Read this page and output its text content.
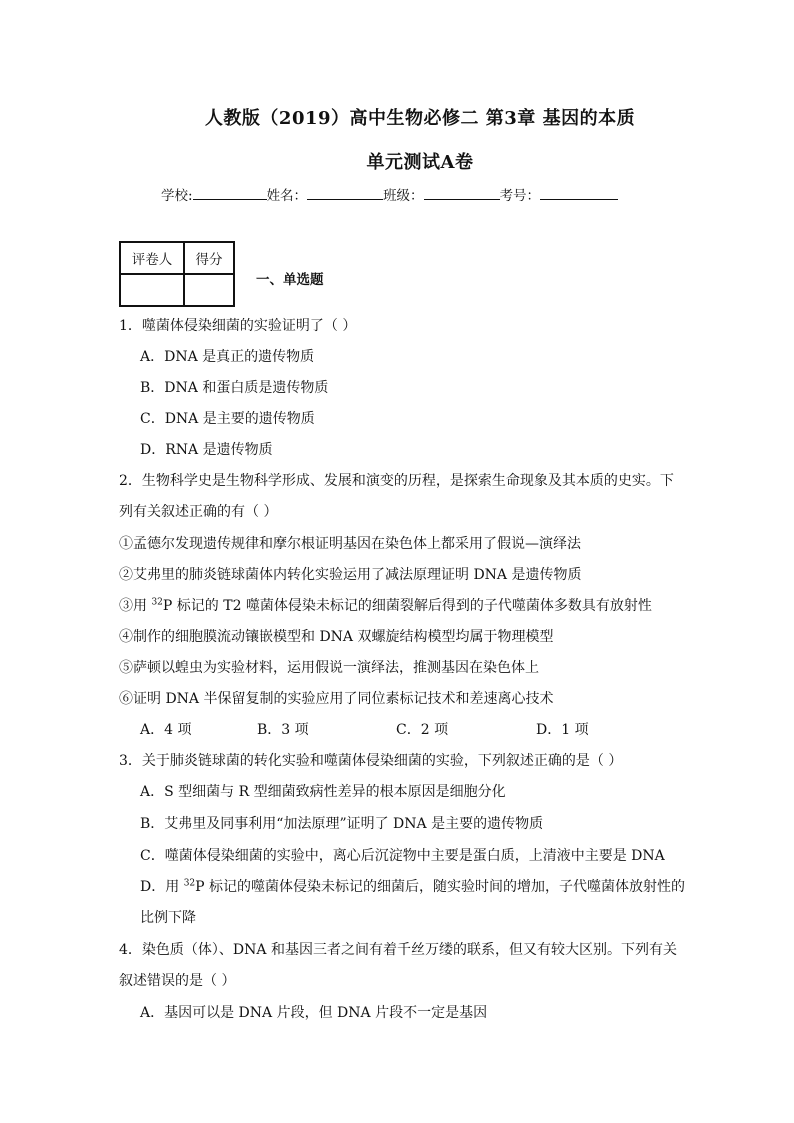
人教版（2019）高中生物必修二 第3章 基因的本质
单元测试A卷
学校:	姓名：	班级：	考号：
评卷人	得分

一、单选题
1．噬菌体侵染细菌的实验证明了（ ）
A．DNA 是真正的遗传物质
B．DNA 和蛋白质是遗传物质
C．DNA 是主要的遗传物质
D．RNA 是遗传物质
2．生物科学史是生物科学形成、发展和演变的历程，是探索生命现象及其本质的史实。下
列有关叙述正确的有（ ）
①孟德尔发现遗传规律和摩尔根证明基因在染色体上都采用了假说—演绎法
②艾弗里的肺炎链球菌体内转化实验运用了减法原理证明 DNA 是遗传物质
③用 $^{32}$P 标记的 T2 噬菌体侵染未标记的细菌裂解后得到的子代噬菌体多数具有放射性
④制作的细胞膜流动镶嵌模型和 DNA 双螺旋结构模型均属于物理模型
⑤萨顿以蝗虫为实验材料，运用假说一演绎法，推测基因在染色体上
⑥证明 DNA 半保留复制的实验应用了同位素标记技术和差速离心技术
A．4 项	B．3 项	C．2 项	D．1 项
3．关于肺炎链球菌的转化实验和噬菌体侵染细菌的实验，下列叙述正确的是（ ）
A．S 型细菌与 R 型细菌致病性差异的根本原因是细胞分化
B．艾弗里及同事利用“加法原理”证明了 DNA 是主要的遗传物质
C．噬菌体侵染细菌的实验中，离心后沉淀物中主要是蛋白质，上清液中主要是 DNA
D．用 $^{32}$P 标记的噬菌体侵染未标记的细菌后，随实验时间的增加，子代噬菌体放射性的
比例下降
4．染色质（体）、DNA 和基因三者之间有着千丝万缕的联系，但又有较大区别。下列有关
叙述错误的是（ ）
A．基因可以是 DNA 片段，但 DNA 片段不一定是基因
